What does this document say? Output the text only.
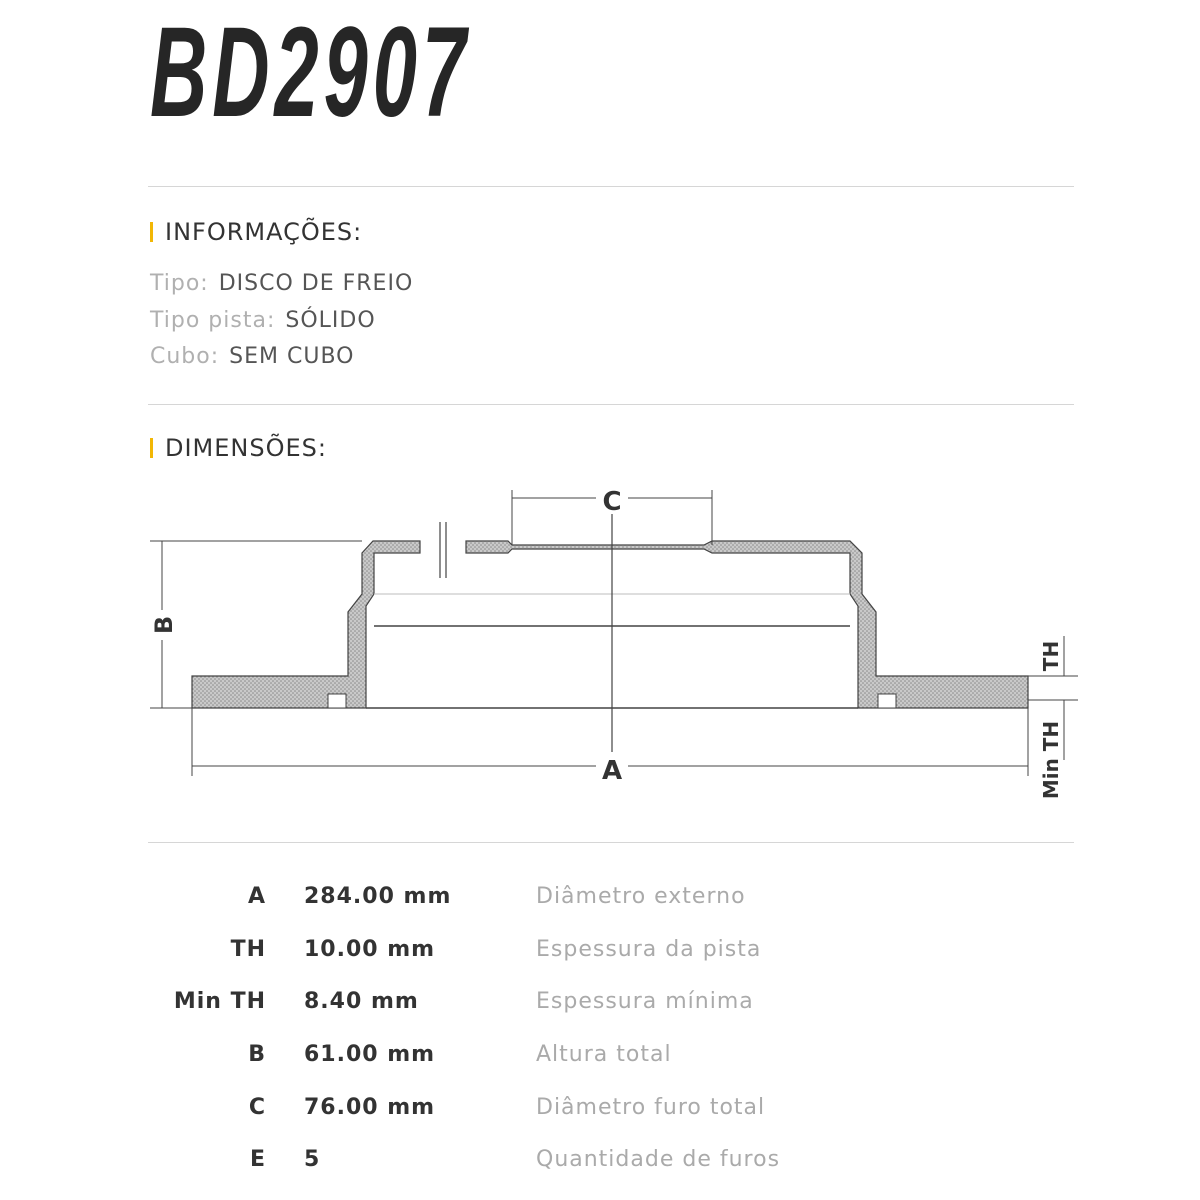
BD2907
INFORMAÇÕES:
Tipo: DISCO DE FREIO
Tipo pista: SÓLIDO
Cubo: SEM CUBO
DIMENSÕES:
C
B
A
TH
Min TH
A 284.00 mm	Diâmetro externo
TH 10.00 mm	Espessura da pista
Min TH 8.40 mm	Espessura mínima
B 61.00 mm	Altura total
C 76.00 mm	Diâmetro furo total
E 5	Quantidade de furos
